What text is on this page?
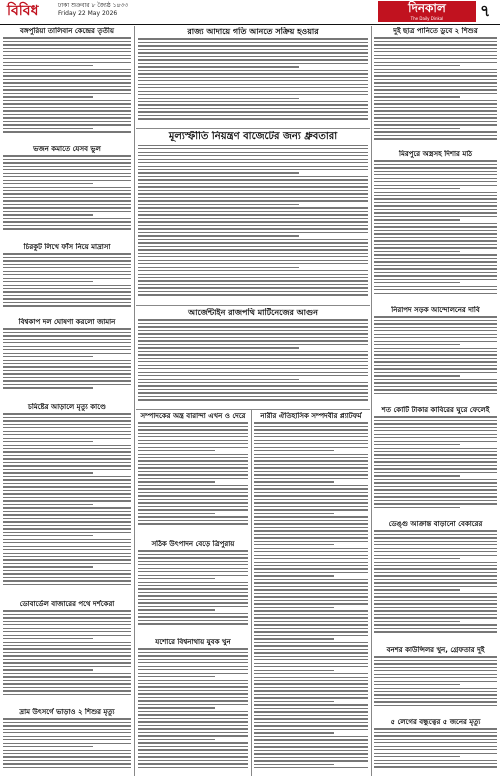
বিবিধ	ঢাকা শুক্রবার ৮ জ্যৈষ্ঠ ১৪৩৩
Friday 22 May 2026	দিনকাল
The Daily Dinkal	৭
বঙ্গপুরিয়া তালিবান কেন্দ্রের তৃতীয়
ভজন কমাতে যেসব ভুল
চিরকুট লিখে ফাঁস নিয়ে মাদ্রাসা
বিশ্বকাপ দল ঘোষণা করলো জামান
চমিষ্টের আড়ালে মৃত্যু কাণ্ডে
ডোবাৰ্ডেল বাজারের পথে দর্শকেরা
দ্রাম উৎসর্গে ভাড়াও ২ শিশুর মৃত্যু
রাজ্য আদায়ে গতি আনতে সক্রিয় হওয়ার
মূল্যস্ফীতি নিয়ন্ত্রণ বাজেটের জন্য ধ্রুবতারা
আর্জেন্টাইন রাজপথি মার্টিনেজের আগুন
সম্পাদকের অন্ত্র বারান্দা এখন ও দেরে
সঠিক উৎপাদন বেড়ে ত্রিপুরায়
যশোরে বিশ্বনাথায় যুবক খুন
নারীর ঐতিহাসিক সম্পদবীর প্ল্যাটফর্ম
দুই ছাত্র পানিতে ডুবে ২ শিশুর
মিরপুরে অস্ত্রসহ দিশার মাঠ
নিরাপদ সড়ক আন্দোলনের দাবি
শত কোটি টাকার কাবিরের ঘুরে ফেলেই
ডেঙ্গু আক্রান্ত বাড়ানো বেকারের
বনশর কাউন্সিলর খুন, গ্রেফতার দুই
৫ লেগের বন্ধুত্বের ৫ জনের মৃত্যু
